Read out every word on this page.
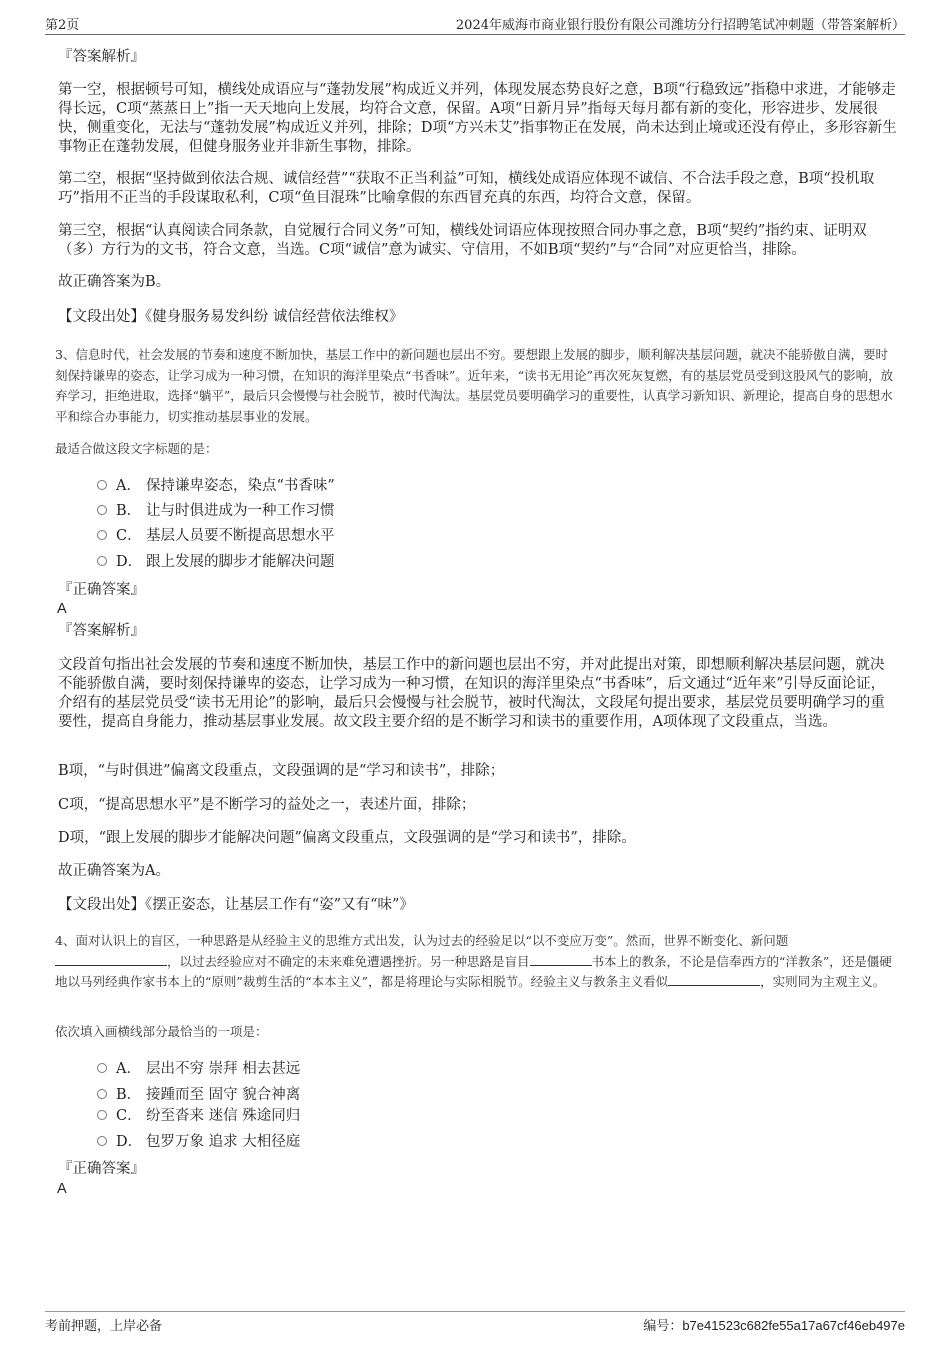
第2页	2024年威海市商业银行股份有限公司潍坊分行招聘笔试冲刺题（带答案解析）
『答案解析』
第一空，根据顿号可知，横线处成语应与“蓬勃发展”构成近义并列，体现发展态势良好之意，B项“行稳致远”指稳中求进，才能够走得长远，C项“蒸蒸日上”指一天天地向上发展，均符合文意，保留。A项“日新月异”指每天每月都有新的变化，形容进步、发展很快，侧重变化，无法与“蓬勃发展”构成近义并列，排除；D项“方兴未艾”指事物正在发展，尚未达到止境或还没有停止，多形容新生事物正在蓬勃发展，但健身服务业并非新生事物，排除。
第二空，根据“坚持做到依法合规、诚信经营”“获取不正当利益”可知，横线处成语应体现不诚信、不合法手段之意，B项“投机取巧”指用不正当的手段谋取私利，C项“鱼目混珠”比喻拿假的东西冒充真的东西，均符合文意，保留。
第三空，根据“认真阅读合同条款，自觉履行合同义务”可知，横线处词语应体现按照合同办事之意，B项“契约”指约束、证明双（多）方行为的文书，符合文意，当选。C项“诚信”意为诚实、守信用，不如B项“契约”与“合同”对应更恰当，排除。
故正确答案为B。
【文段出处】《健身服务易发纠纷 诚信经营依法维权》
3、信息时代，社会发展的节奏和速度不断加快，基层工作中的新问题也层出不穷。要想跟上发展的脚步，顺利解决基层问题，就决不能骄傲自满，要时刻保持谦卑的姿态，让学习成为一种习惯，在知识的海洋里染点“书香味”。近年来，“读书无用论”再次死灰复燃，有的基层党员受到这股风气的影响，放弃学习，拒绝进取，选择“躺平”，最后只会慢慢与社会脱节，被时代淘汰。基层党员要明确学习的重要性，认真学习新知识、新理论，提高自身的思想水平和综合办事能力，切实推动基层事业的发展。
最适合做这段文字标题的是：
A． 保持谦卑姿态，染点“书香味”
B． 让与时俱进成为一种工作习惯
C． 基层人员要不断提高思想水平
D． 跟上发展的脚步才能解决问题
『正确答案』
A
『答案解析』
文段首句指出社会发展的节奏和速度不断加快，基层工作中的新问题也层出不穷，并对此提出对策，即想顺利解决基层问题，就决不能骄傲自满，要时刻保持谦卑的姿态，让学习成为一种习惯，在知识的海洋里染点“书香味”，后文通过“近年来”引导反面论证，介绍有的基层党员受“读书无用论”的影响，最后只会慢慢与社会脱节，被时代淘汰，文段尾句提出要求，基层党员要明确学习的重要性，提高自身能力，推动基层事业发展。故文段主要介绍的是不断学习和读书的重要作用，A项体现了文段重点，当选。
B项，“与时俱进”偏离文段重点，文段强调的是“学习和读书”，排除；
C项，“提高思想水平”是不断学习的益处之一，表述片面，排除；
D项，“跟上发展的脚步才能解决问题”偏离文段重点，文段强调的是“学习和读书”，排除。
故正确答案为A。
【文段出处】《摆正姿态，让基层工作有“姿”又有“味”》
4、面对认识上的盲区，一种思路是从经验主义的思维方式出发，认为过去的经验足以“以不变应万变”。然而，世界不断变化、新问题
，以过去经验应对不确定的未来难免遭遇挫折。另一种思路是盲目	书本上的教条，不论是信奉西方的“洋教条”，还是僵硬地以马列经典作家书本上的“原则”裁剪生活的“本本主义”，都是将理论与实际相脱节。经验主义与教条主义看似	，实则同为主观主义。
依次填入画横线部分最恰当的一项是：
A． 层出不穷 崇拜 相去甚远
B． 接踵而至 固守 貌合神离
C． 纷至沓来 迷信 殊途同归
D． 包罗万象 追求 大相径庭
『正确答案』
A
考前押题，上岸必备	编号：b7e41523c682fe55a17a67cf46eb497e
